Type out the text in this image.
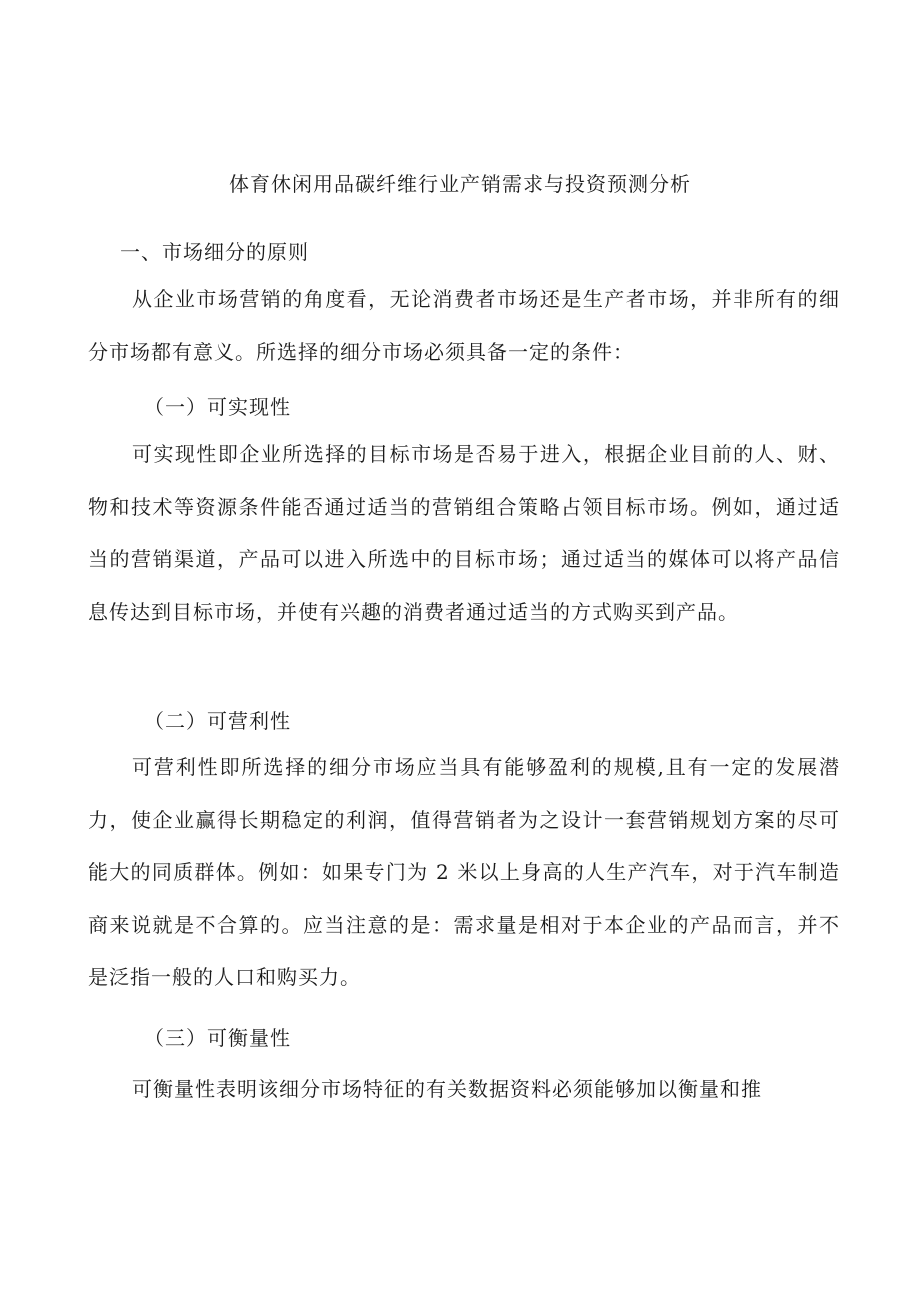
体育休闲用品碳纤维行业产销需求与投资预测分析
一、市场细分的原则
从企业市场营销的角度看，无论消费者市场还是生产者市场，并非所有的细分市场都有意义。所选择的细分市场必须具备一定的条件：
（一）可实现性
可实现性即企业所选择的目标市场是否易于进入，根据企业目前的人、财、物和技术等资源条件能否通过适当的营销组合策略占领目标市场。例如，通过适当的营销渠道，产品可以进入所选中的目标市场；通过适当的媒体可以将产品信息传达到目标市场，并使有兴趣的消费者通过适当的方式购买到产品。
（二）可营利性
可营利性即所选择的细分市场应当具有能够盈利的规模,且有一定的发展潜力，使企业赢得长期稳定的利润，值得营销者为之设计一套营销规划方案的尽可能大的同质群体。例如：如果专门为 2 米以上身高的人生产汽车，对于汽车制造商来说就是不合算的。应当注意的是：需求量是相对于本企业的产品而言，并不是泛指一般的人口和购买力。
（三）可衡量性
可衡量性表明该细分市场特征的有关数据资料必须能够加以衡量和推
